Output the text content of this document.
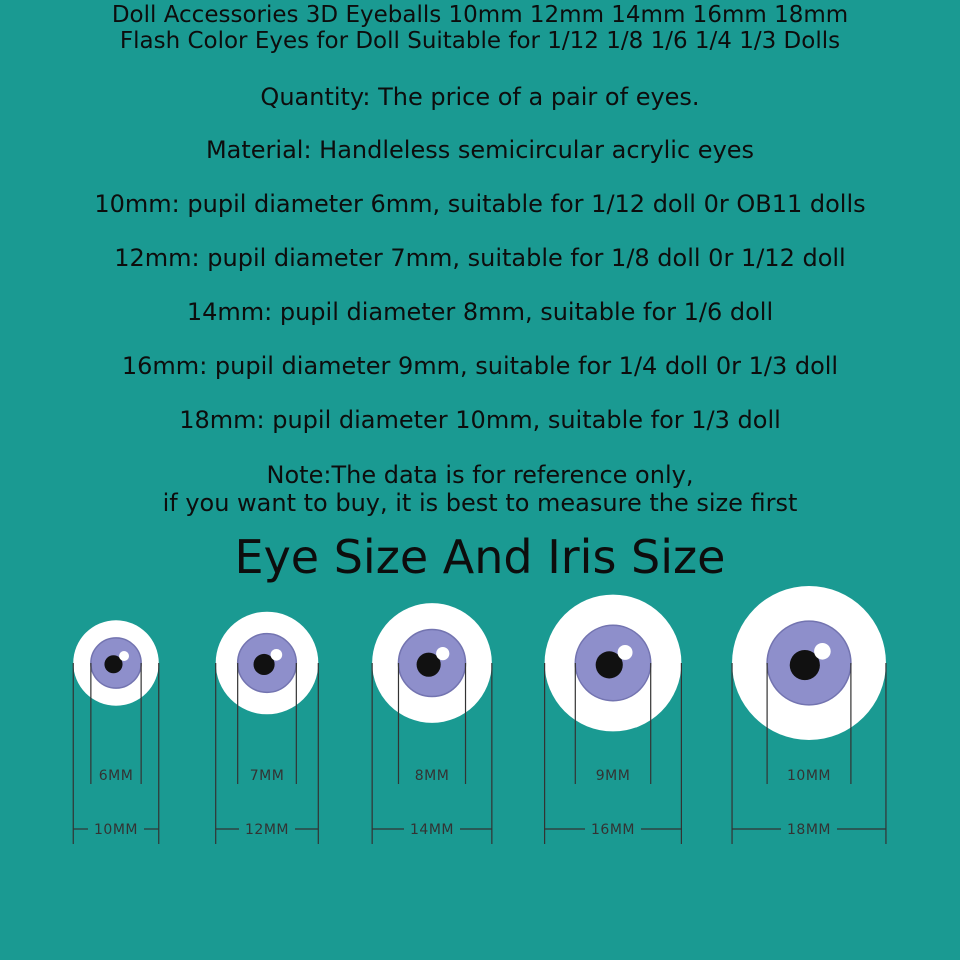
Doll Accessories 3D Eyeballs 10mm 12mm 14mm 16mm 18mm
Flash Color Eyes for Doll Suitable for 1/12 1/8 1/6 1/4 1/3 Dolls
Quantity: The price of a pair of eyes.
Material: Handleless semicircular acrylic eyes
10mm: pupil diameter 6mm, suitable for 1/12 doll 0r OB11 dolls
12mm: pupil diameter 7mm, suitable for 1/8 doll 0r 1/12 doll
14mm: pupil diameter 8mm, suitable for 1/6 doll
16mm: pupil diameter 9mm, suitable for 1/4 doll 0r 1/3 doll
18mm: pupil diameter 10mm, suitable for 1/3 doll
Note:The data is for reference only,
if you want to buy, it is best to measure the size first
Eye Size And Iris Size
6MM
10MM
7MM
12MM
8MM
14MM
9MM
16MM
10MM
18MM
